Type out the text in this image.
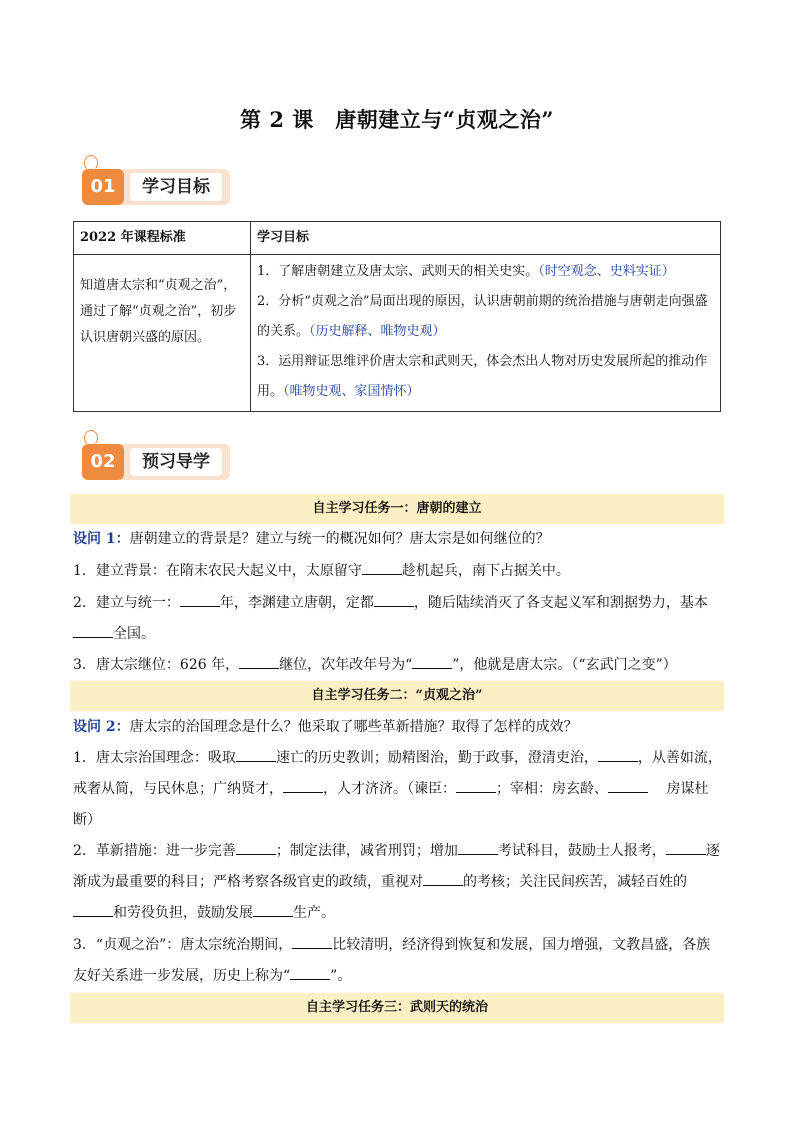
第 2 课　唐朝建立与“贞观之治”
01	学习目标
2022 年课程标准	学习目标
知道唐太宗和“贞观之治”，通过了解“贞观之治”，初步认识唐朝兴盛的原因。	1．了解唐朝建立及唐太宗、武则天的相关史实。（时空观念、史料实证）
2．分析“贞观之治”局面出现的原因，认识唐朝前期的统治措施与唐朝走向强盛的关系。（历史解释、唯物史观）
3．运用辩证思维评价唐太宗和武则天，体会杰出人物对历史发展所起的推动作用。（唯物史观、家国情怀）
02	预习导学
自主学习任务一：唐朝的建立
设问 1：唐朝建立的背景是？建立与统一的概况如何？唐太宗是如何继位的？
1．建立背景：在隋末农民大起义中，太原留守	趁机起兵，南下占据关中。
2．建立与统一：	年，李渊建立唐朝，定都	，随后陆续消灭了各支起义军和割据势力，基本
全国。
3．唐太宗继位：626 年，	继位，次年改年号为“	”，他就是唐太宗。（“玄武门之变”）
自主学习任务二：“贞观之治”
设问 2：唐太宗的治国理念是什么？他采取了哪些革新措施？取得了怎样的成效？
1．唐太宗治国理念：吸取	速亡的历史教训；励精图治，勤于政事，澄清吏治，	，从善如流，戒奢从简，与民休息；广纳贤才，	，人才济济。（谏臣：	；宰相：房玄龄、　	房谋杜断）
2．革新措施：进一步完善	；制定法律，减省刑罚；增加	考试科目，鼓励士人报考，	逐渐成为最重要的科目；严格考察各级官吏的政绩，重视对	的考核；关注民间疾苦，减轻百姓的和劳役负担，鼓励发展	生产。
3．“贞观之治”：唐太宗统治期间，	比较清明，经济得到恢复和发展，国力增强，文教昌盛，各族友好关系进一步发展，历史上称为“	”。
自主学习任务三：武则天的统治
